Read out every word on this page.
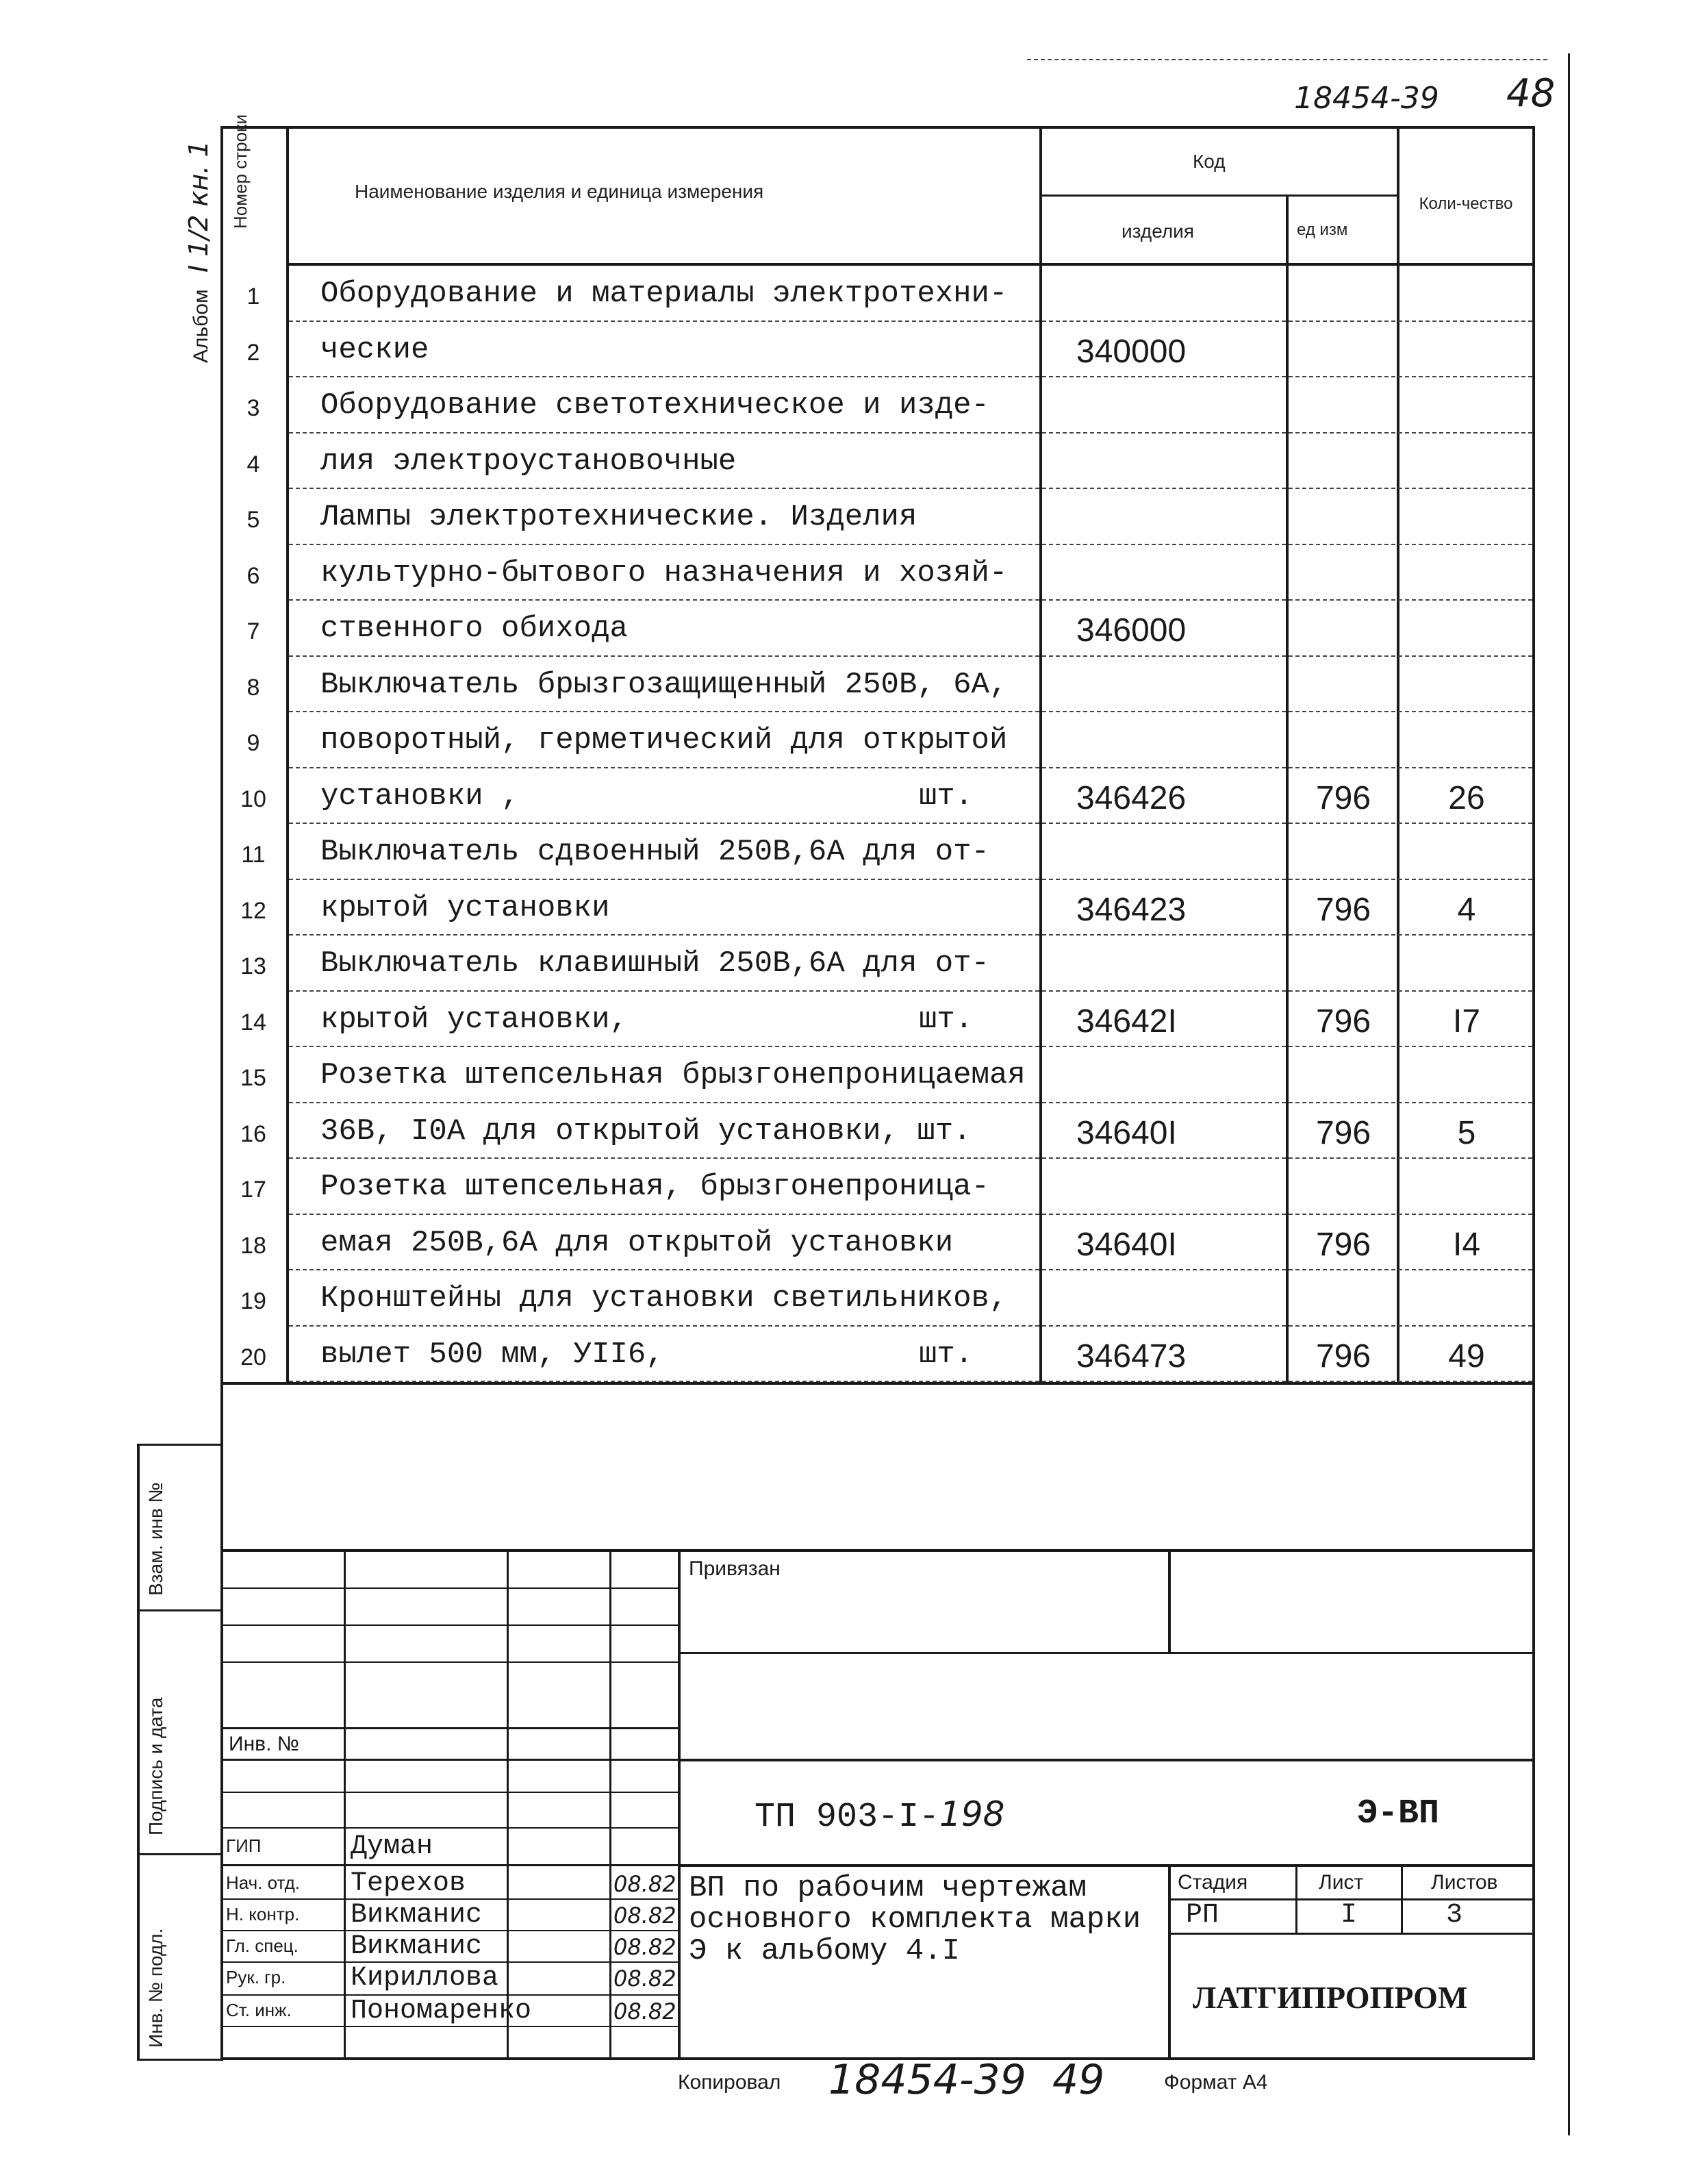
18454-39 48
Альбом I 1/2 кн. 1 Номер строки	Наименование изделия и единица измерения
Код
изделия	ед изм
Коли-чество
1	Оборудование и материалы электротехни-
2	ческие	340000
3	Оборудование светотехническое и изде-
4	лия электроустановочные
5	Лампы электротехнические. Изделия
6	культурно-бытового назначения и хозяй-
7	ственного обихода	346000
8	Выключатель брызгозащищенный 250В, 6А,
9	поворотный, герметический для открытой
10	установки ,	шт.	346426	796	26
11	Выключатель сдвоенный 250В,6А для от-
12	крытой установки	346423	796	4
13	Выключатель клавишный 250В,6А для от-
14	крытой установки,	шт.	34642I	796	I7
15	Розетка штепсельная брызгонепроницаемая
16	36В, I0А для открытой установки, шт.	34640I	796	5
17	Розетка штепсельная, брызгонепроница-
18	емая 250В,6А для открытой установки	34640I	796	I4
19	Кронштейны для установки светильников,
20	вылет 500 мм, УII6,	шт.	346473	796	49
Взам. инв №
Подпись и дата
Инв. № подл.
Привязан
Инв. №
ТП 903-I-198	Э-ВП
ВП по рабочим чертежам
основного комплекта марки
Э к альбому 4.I
Стадия	Лист	Листов
РП	I	3
ЛАТГИПРОПРОМ
ГИП	Думан
Нач. отд. Терехов	08.82
Н. контр. Викманис	08.82
Гл. спец. Викманис	08.82
Рук. гр. Кириллова	08.82
Ст. инж. Пономаренко	08.82
Копировал 18454-39  49	Формат А4
